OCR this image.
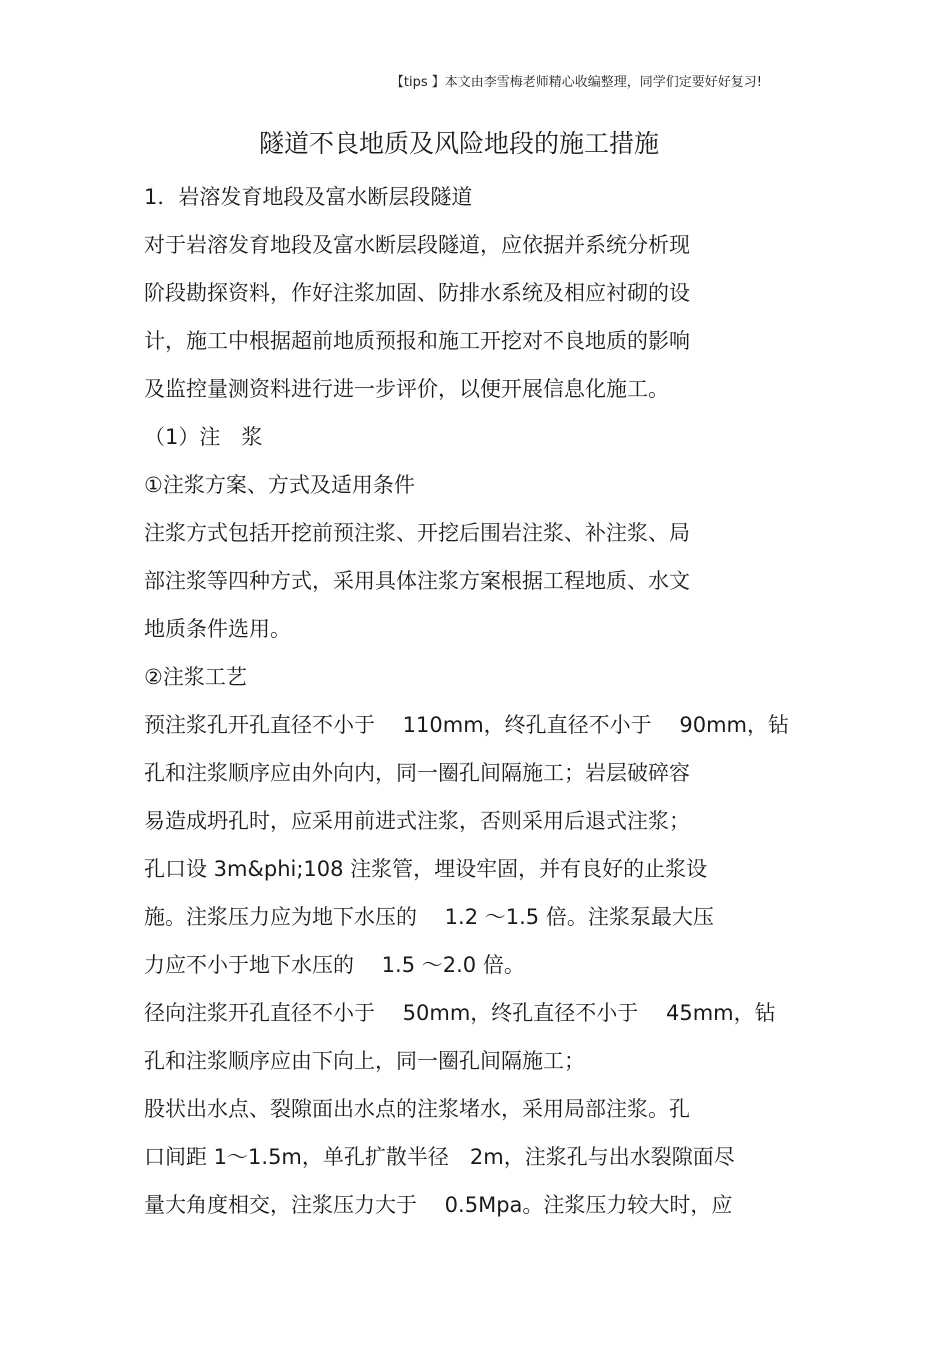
【tips 】本文由李雪梅老师精心收编整理，同学们定要好好复习!
隧道不良地质及风险地段的施工措施
1．岩溶发育地段及富水断层段隧道
对于岩溶发育地段及富水断层段隧道，应依据并系统分析现
阶段勘探资料，作好注浆加固、防排水系统及相应衬砌的设
计，施工中根据超前地质预报和施工开挖对不良地质的影响
及监控量测资料进行进一步评价，以便开展信息化施工。
（1）注　浆
①注浆方案、方式及适用条件
注浆方式包括开挖前预注浆、开挖后围岩注浆、补注浆、局
部注浆等四种方式，采用具体注浆方案根据工程地质、水文
地质条件选用。
②注浆工艺
预注浆孔开孔直径不小于　 110mm，终孔直径不小于　 90mm，钻
孔和注浆顺序应由外向内，同一圈孔间隔施工；岩层破碎容
易造成坍孔时，应采用前进式注浆，否则采用后退式注浆；
孔口设 3m&phi;108 注浆管，埋设牢固，并有良好的止浆设
施。注浆压力应为地下水压的　 1.2 ～1.5 倍。注浆泵最大压
力应不小于地下水压的　 1.5 ～2.0 倍。
径向注浆开孔直径不小于　 50mm，终孔直径不小于　 45mm，钻
孔和注浆顺序应由下向上，同一圈孔间隔施工；
股状出水点、裂隙面出水点的注浆堵水，采用局部注浆。孔
口间距 1～1.5m，单孔扩散半径　2m，注浆孔与出水裂隙面尽
量大角度相交，注浆压力大于　 0.5Mpa。注浆压力较大时，应
